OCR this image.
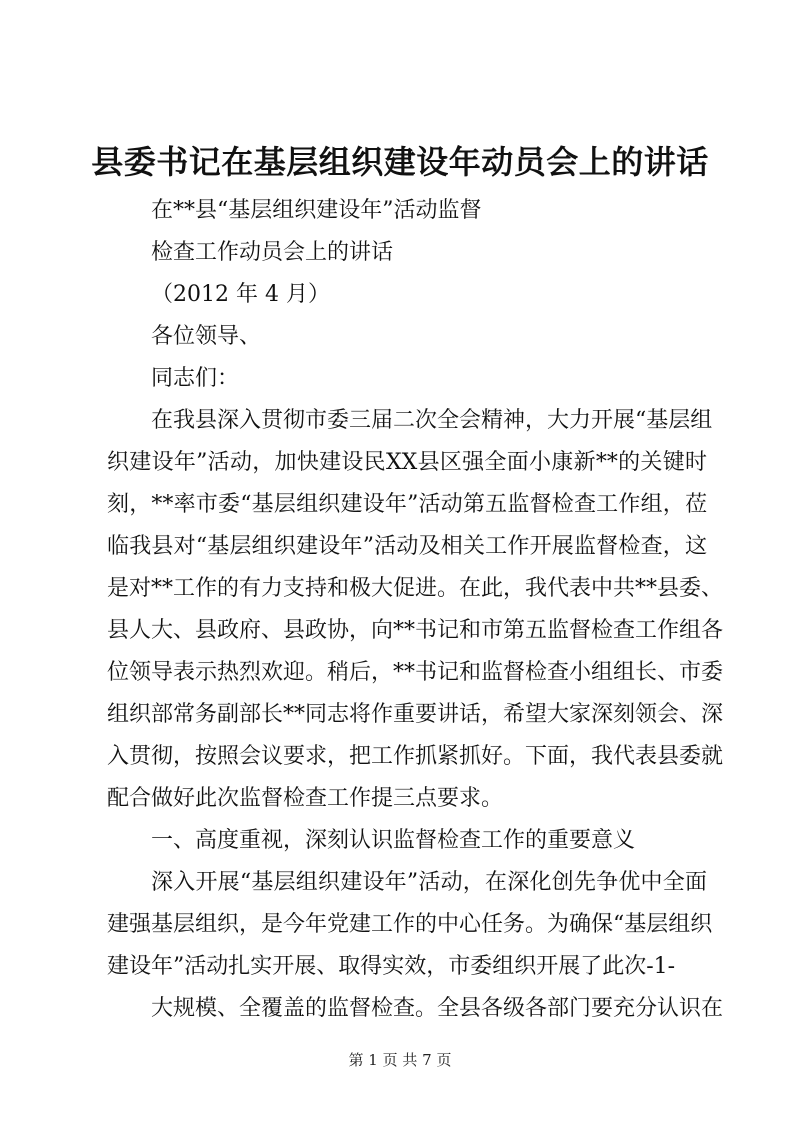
县委书记在基层组织建设年动员会上的讲话
在**县“基层组织建设年”活动监督
检查工作动员会上的讲话
（2012 年 4 月）
各位领导、
同志们：
在我县深入贯彻市委三届二次全会精神，大力开展“基层组
织建设年”活动，加快建设民XX县区强全面小康新**的关键时
刻，**率市委“基层组织建设年”活动第五监督检查工作组，莅
临我县对“基层组织建设年”活动及相关工作开展监督检查，这
是对**工作的有力支持和极大促进。在此，我代表中共**县委、
县人大、县政府、县政协，向**书记和市第五监督检查工作组各
位领导表示热烈欢迎。稍后，**书记和监督检查小组组长、市委
组织部常务副部长**同志将作重要讲话，希望大家深刻领会、深
入贯彻，按照会议要求，把工作抓紧抓好。下面，我代表县委就
配合做好此次监督检查工作提三点要求。
一、高度重视，深刻认识监督检查工作的重要意义
深入开展“基层组织建设年”活动，在深化创先争优中全面
建强基层组织，是今年党建工作的中心任务。为确保“基层组织
建设年”活动扎实开展、取得实效，市委组织开展了此次-1-
大规模、全覆盖的监督检查。全县各级各部门要充分认识在
第 1 页 共 7 页
